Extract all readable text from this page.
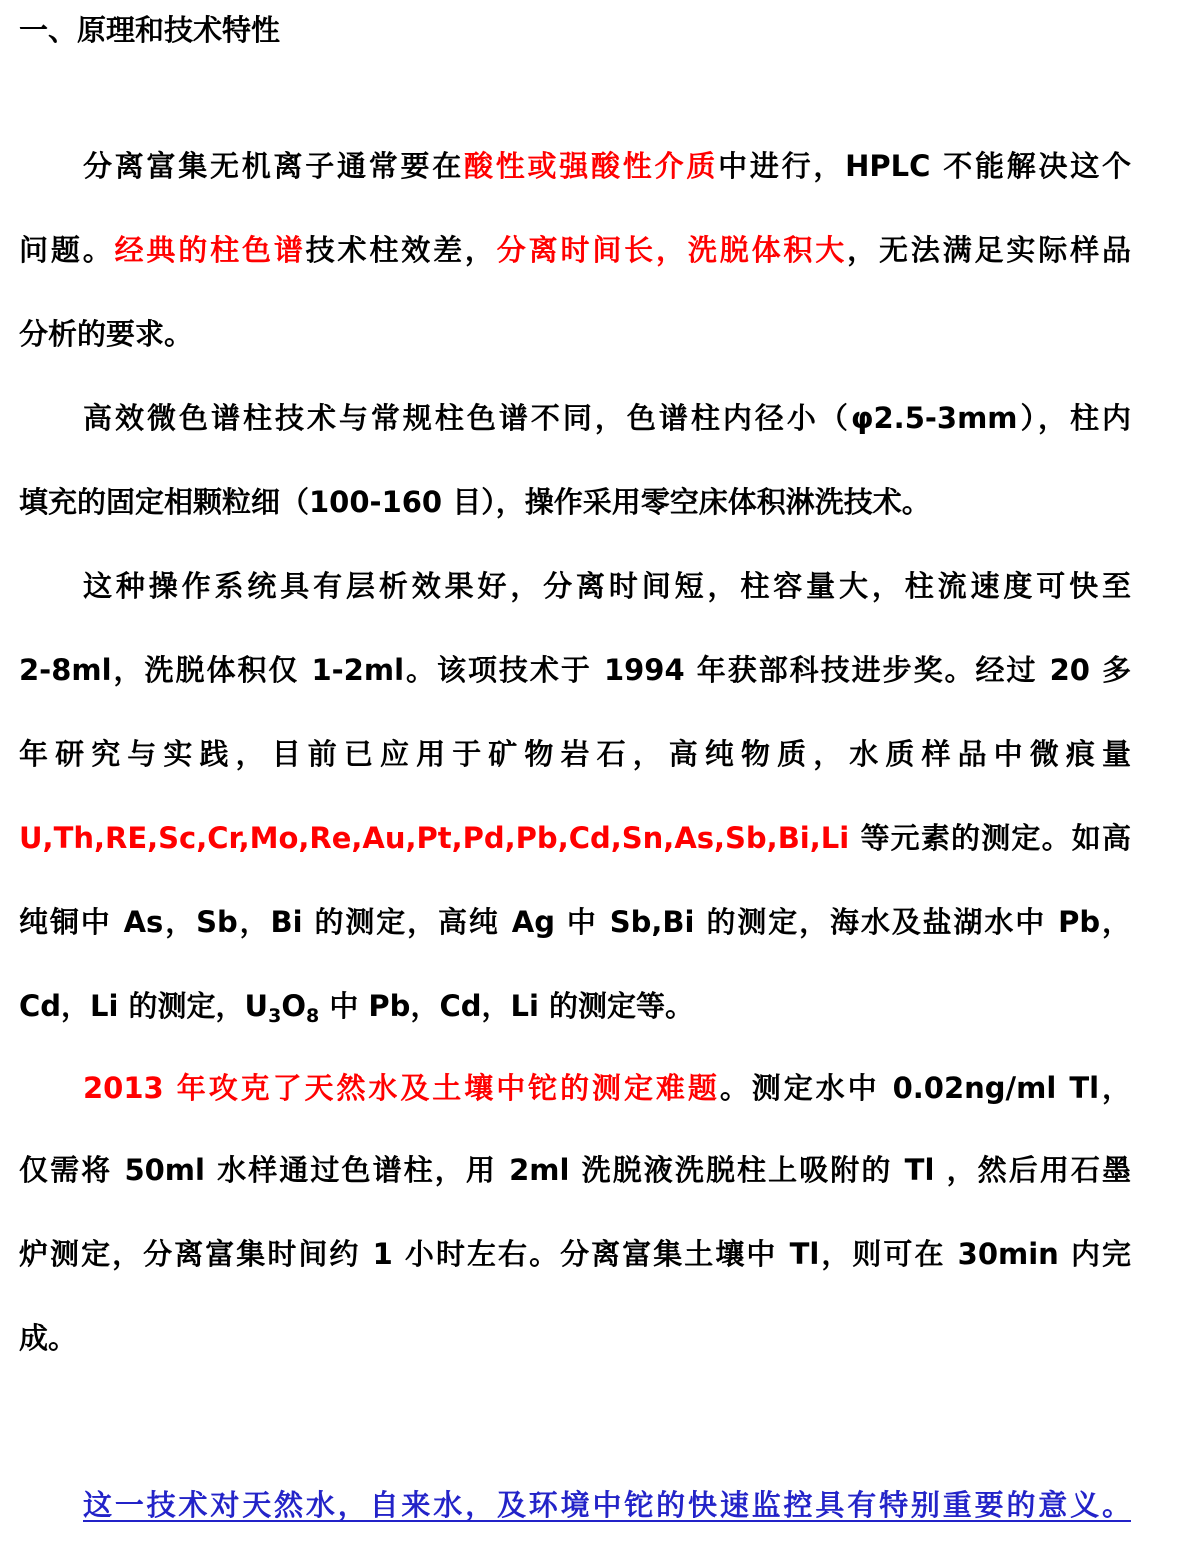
一、原理和技术特性
分离富集无机离子通常要在酸性或强酸性介质中进行，HPLC 不能解决这个
问题。经典的柱色谱技术柱效差，分离时间长，洗脱体积大，无法满足实际样品
分析的要求。
高效微色谱柱技术与常规柱色谱不同，色谱柱内径小（φ2.5-3mm），柱内
填充的固定相颗粒细（100-160 目），操作采用零空床体积淋洗技术。
这种操作系统具有层析效果好，分离时间短，柱容量大，柱流速度可快至
2-8ml，洗脱体积仅 1-2ml。该项技术于 1994 年获部科技进步奖。经过 20 多
年研究与实践，目前已应用于矿物岩石，高纯物质，水质样品中微痕量
U,Th,RE,Sc,Cr,Mo,Re,Au,Pt,Pd,Pb,Cd,Sn,As,Sb,Bi,Li 等元素的测定。如高
纯铜中 As，Sb，Bi 的测定，高纯 Ag 中 Sb,Bi 的测定，海水及盐湖水中 Pb，
Cd，Li 的测定，$U_3O_8$ 中 Pb，Cd，Li 的测定等。
2013 年攻克了天然水及土壤中铊的测定难题。测定水中 0.02ng/ml Tl，
仅需将 50ml 水样通过色谱柱，用 2ml 洗脱液洗脱柱上吸附的 Tl ，然后用石墨
炉测定，分离富集时间约 1 小时左右。分离富集土壤中 Tl，则可在 30min 内完
成。
这一技术对天然水，自来水，及环境中铊的快速监控具有特别重要的意义。
